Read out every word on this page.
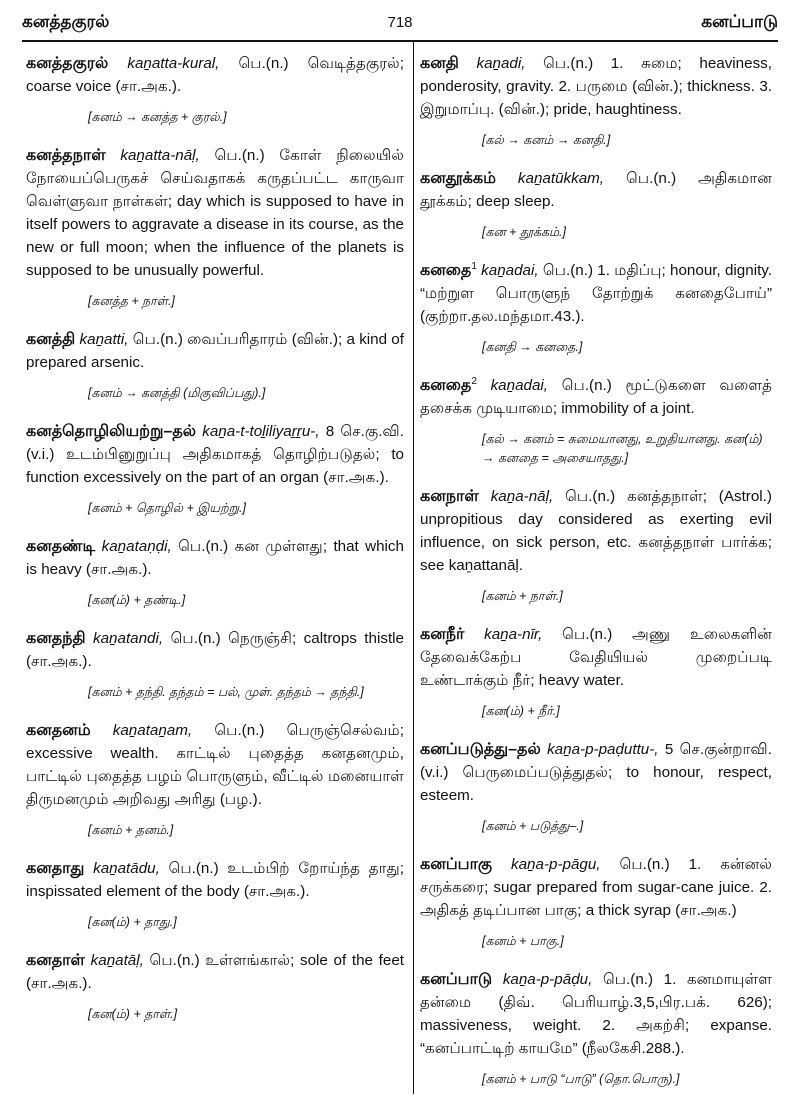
கனத்தகுரல்	718	கனப்பாடு

கனத்தகுரல் kaṉatta-kural, பெ.(n.) வெடித்தகுரல்; coarse voice (சா.அக.).

[கனம் → கனத்த + குரல்.]

கனத்தநாள் kaṉatta-nāḷ, பெ.(n.) கோள் நிலையில் நோயைப்பெருகச் செய்வதாகக் கருதப்பட்ட காருவா வெள்ளுவா நாள்கள்; day which is supposed to have in itself powers to aggravate a disease in its course, as the new or full moon; when the influence of the planets is supposed to be unusually powerful.

[கனத்த + நாள்.]

கனத்தி kaṉatti, பெ.(n.) வைப்பரிதாரம் (வின்.); a kind of prepared arsenic.

[கனம் → கனத்தி (மிகுவிப்பது).]

கனத்தொழிலியற்று–தல் kaṉa-t-toḻiliyaṟṟu-, 8 செ.கு.வி.(v.i.) உடம்பினுறுப்பு அதிகமாகத் தொழிற்படுதல்; to function excessively on the part of an organ (சா.அக.).

[கனம் + தொழில் + இயற்று.]

கனதண்டி kaṉataṇḍi, பெ.(n.) கன முள்ளது; that which is heavy (சா.அக.).

[கன(ம்) + தண்டி.]

கனதந்தி kaṉatandi, பெ.(n.) நெருஞ்சி; caltrops thistle (சா.அக.).

[கனம் + தந்தி. தந்தம் = பல், முள். தந்தம் → தந்தி.]

கனதனம் kaṉataṉam, பெ.(n.) பெருஞ்செல்வம்; excessive wealth. காட்டில் புதைத்த கனதனமும், பாட்டில் புதைத்த பழம் பொருளும், வீட்டில் மனையாள் திருமனமும் அறிவது அரிது (பழ.).

[கனம் + தனம்.]

கனதாது kaṉatādu, பெ.(n.) உடம்பிற் றோய்ந்த தாது; inspissated element of the body (சா.அக.).

[கன(ம்) + தாது.]

கனதாள் kaṉatāḷ, பெ.(n.) உள்ளங்கால்; sole of the feet (சா.அக.).

[கன(ம்) + தாள்.]

கனதி kaṉadi, பெ.(n.) 1. சுமை; heaviness, ponderosity, gravity. 2. பருமை (வின்.); thickness. 3. இறுமாப்பு. (வின்.); pride, haughtiness.

[கல் → கனம் → கனதி.]

கனதூக்கம் kaṉatūkkam, பெ.(n.) அதிகமான தூக்கம்; deep sleep.

[கன + தூக்கம்.]

கனதை$^1$ kaṉadai, பெ.(n.) 1. மதிப்பு; honour, dignity. “மற்றுள பொருளுந் தோற்றுக் கனதைபோய்” (குற்றா.தல.மந்தமா.43.).

[கனதி → கனதை.]

கனதை$^2$ kaṉadai, பெ.(n.) மூட்டுகளை வளைத் தசைக்க முடியாமை; immobility of a joint.

[கல் → கனம் = சுமையானது, உறுதியானது. கன(ம்) → கனதை = அசையாதது.]

கனநாள் kaṉa-nāḷ, பெ.(n.) கனத்தநாள்; (Astrol.) unpropitious day considered as exerting evil influence, on sick person, etc. கனத்தநாள் பார்க்க; see kaṉattanāḷ.

[கனம் + நாள்.]

கனநீர் kaṉa-nīr, பெ.(n.) அணு உலைகளின் தேவைக்கேற்ப வேதியியல் முறைப்படி உண்டாக்கும் நீர்; heavy water.

[கன(ம்) + நீர்.]

கனப்படுத்து–தல் kaṉa-p-paḍuttu-, 5 செ.குன்றாவி. (v.i.) பெருமைப்படுத்துதல்; to honour, respect, esteem.

[கனம் + படுத்து–.]

கனப்பாகு kaṉa-p-pāgu, பெ.(n.) 1. கன்னல் சருக்கரை; sugar prepared from sugar-cane juice. 2. அதிகத் தடிப்பான பாகு; a thick syrap (சா.அக.)

[கனம் + பாகு.]

கனப்பாடு kaṉa-p-pāḍu, பெ.(n.) 1. கனமாயுள்ள தன்மை (திவ். பெரியாழ்.3,5,பிர.பக். 626); massiveness, weight. 2. அகற்சி; expanse. “கனப்பாட்டிற் காயமே” (நீலகேசி.288.).

[கனம் + பாடு “பாடு” (தொ.பொரு).]
